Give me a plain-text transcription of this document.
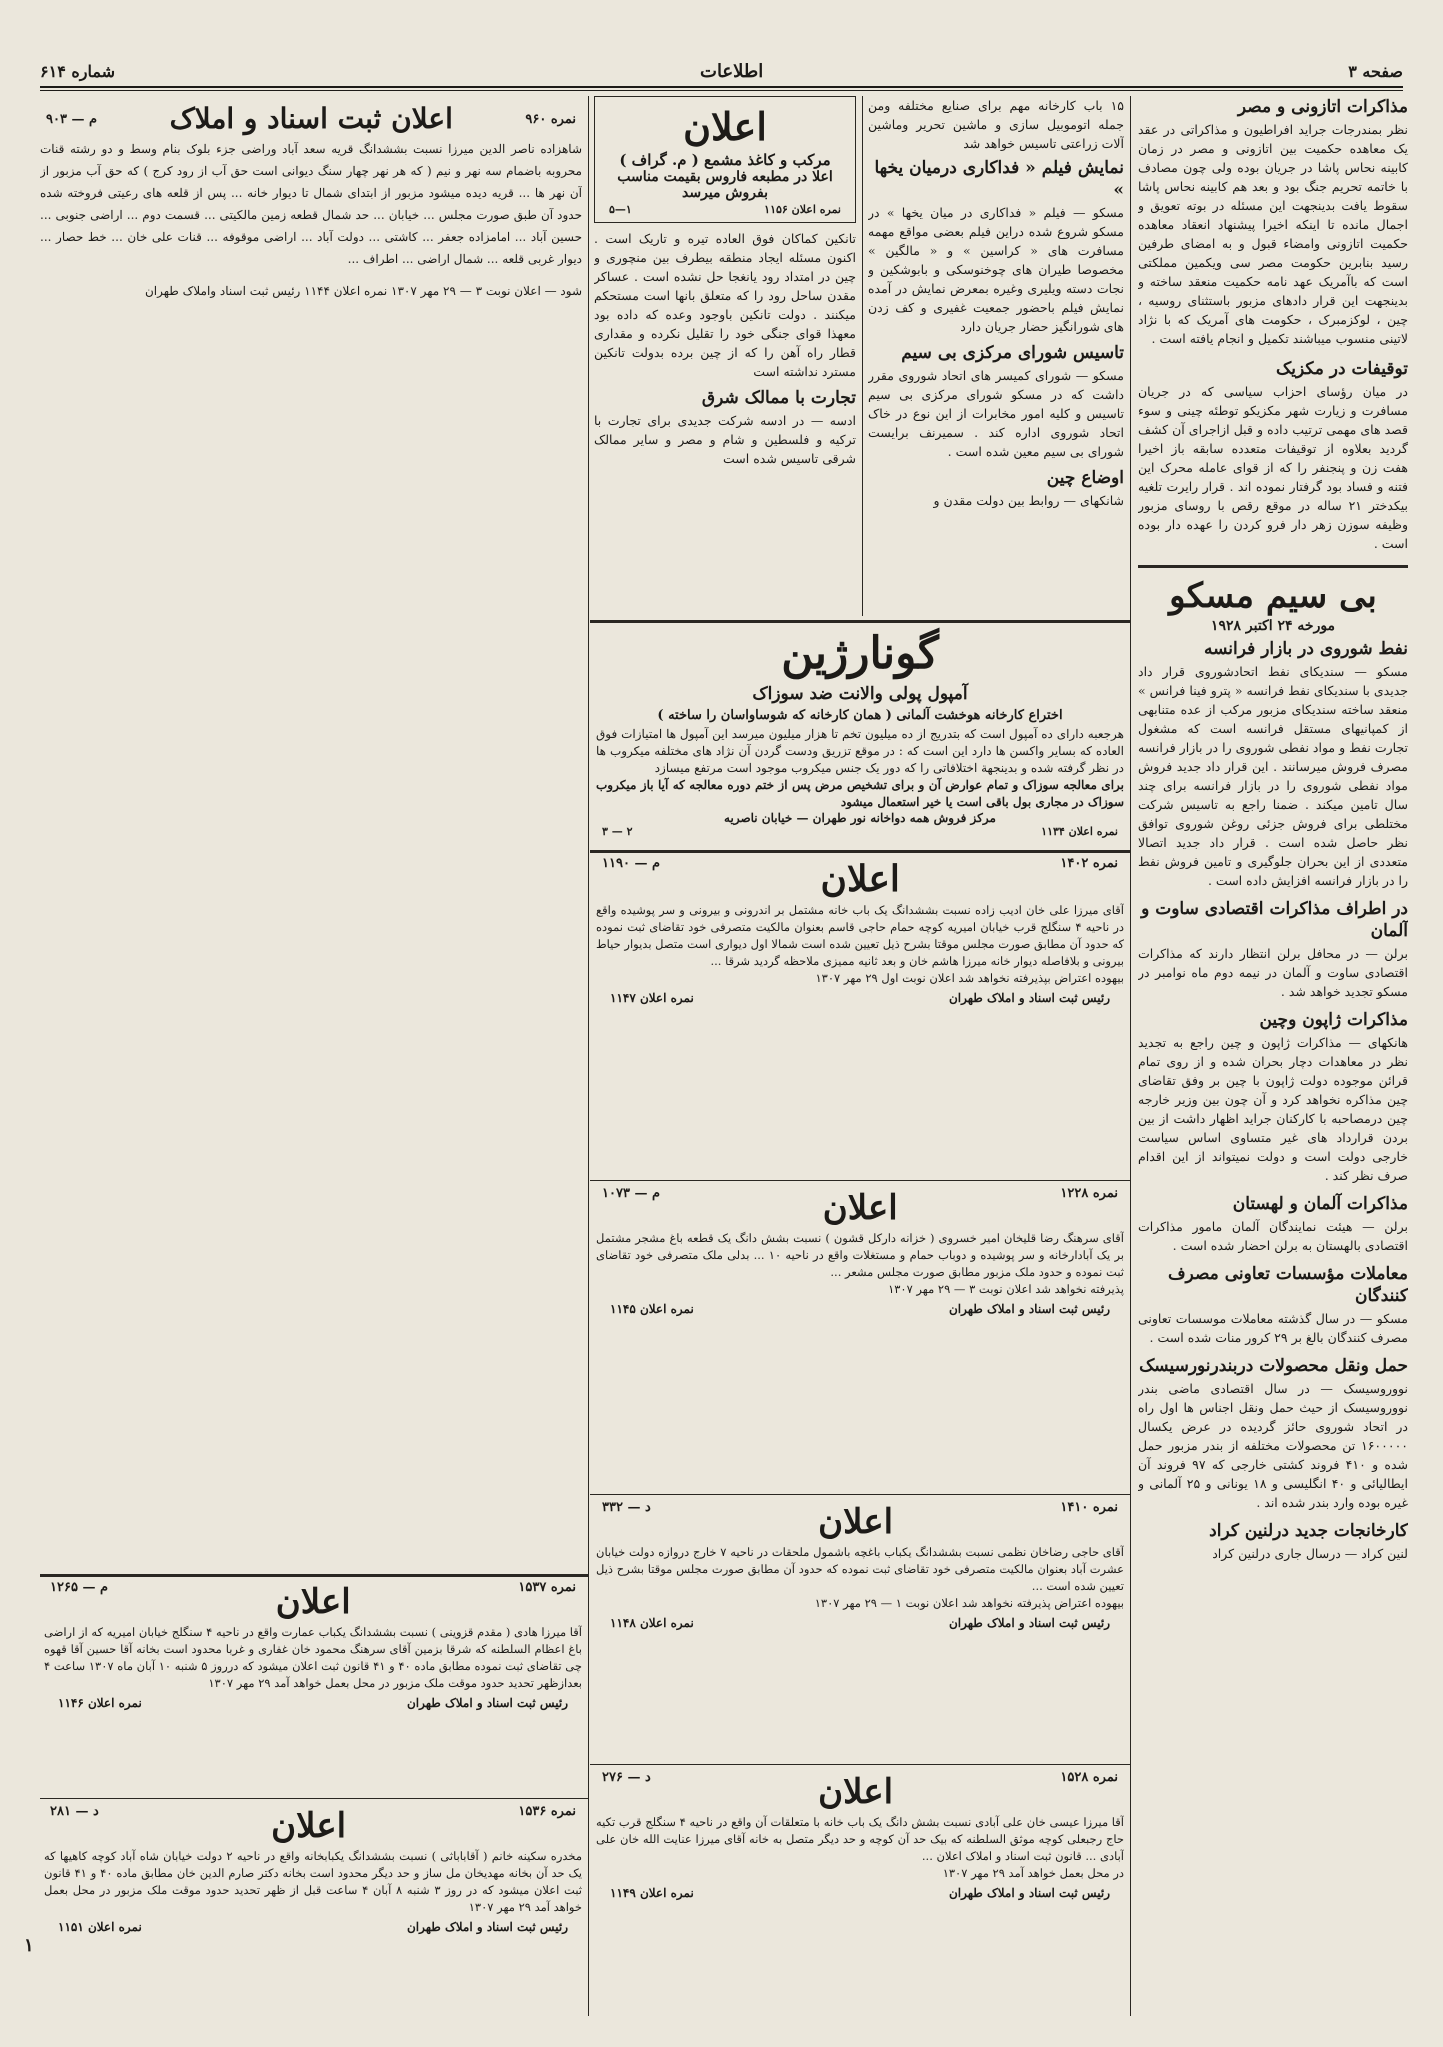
صفحه ۳
اطلاعات
شماره ۶۱۴
مذاکرات اتازونی و مصر

نظر بمندرجات جراید افراطیون و مذاکراتی در عقد یک معاهده حکمیت بین اتازونی و مصر در زمان کابینه نحاس پاشا در جریان بوده ولی چون مصادف با خاتمه تحریم جنگ بود و بعد هم کابینه نحاس پاشا سقوط یافت بدینجهت این مسئله در بوته تعویق و اجمال مانده تا اینکه اخیرا پیشنهاد انعقاد معاهده حکمیت اتازونی وامضاء قبول و به امضای طرفین رسید بنابرین حکومت مصر سی ویکمین مملکتی است که باآمریک عهد نامه حکمیت منعقد ساخته و بدینجهت این قرار دادهای مزبور باستثنای روسیه ، چین ، لوکزمبرک ، حکومت های آمریک که با نژاد لاتینی منسوب میباشند تکمیل و انجام یافته است .

توقیفات در مکزیک

در میان رؤسای احزاب سیاسی که در جریان مسافرت و زیارت شهر مکزیکو توطئه چینی و سوء قصد های مهمی ترتیب داده و قبل ازاجرای آن کشف گردید بعلاوه از توقیفات متعدده سابقه باز اخیرا هفت زن و پنجنفر را که از قوای عامله محرک این فتنه و فساد بود گرفتار نموده اند . قرار رایرت تلغیه بیکدختر ۲۱ ساله در موقع رقص با روسای مزبور وظیفه سوزن زهر دار فرو کردن را عهده دار بوده است .

بی سیم مسکو
مورخه ۲۴ اکتبر ۱۹۲۸
نفط شوروی در بازار فرانسه

مسکو — سندیکای نفط اتحادشوروی قرار داد جدیدی با سندیکای نفط فرانسه « پترو فینا فرانس » منعقد ساخته سندیکای مزبور مرکب از عده متنابهی از کمپانیهای مستقل فرانسه است که مشغول تجارت نفط و مواد نفطی شوروی را در بازار فرانسه مصرف فروش میرسانند . این قرار داد جدید فروش مواد نفطی شوروی را در بازار فرانسه برای چند سال تامین میکند . ضمنا راجع به تاسیس شرکت مختلطی برای فروش جزئی روغن شوروی توافق نظر حاصل شده است . قرار داد جدید اتصالا متعددی از این بحران جلوگیری و تامین فروش نفط را در بازار فرانسه افزایش داده است .

در اطراف مذاکرات اقتصادی ساوت و آلمان

برلن — در محافل برلن انتظار دارند که مذاکرات اقتصادی ساوت و آلمان در نیمه دوم ماه نوامبر در مسکو تجدید خواهد شد .

مذاکرات ژاپون وچین

هانکهای — مذاکرات ژاپون و چین راجع به تجدید نظر در معاهدات دچار بحران شده و از روی تمام قرائن موجوده دولت ژاپون با چین بر وفق تقاضای چین مذاکره نخواهد کرد و آن چون بین وزیر خارجه چین درمصاحبه با کارکنان جراید اظهار داشت از بین بردن قرارداد های غیر متساوی اساس سیاست خارجی دولت است و دولت نمیتواند از این اقدام صرف نظر کند .

مذاکرات آلمان و لهستان

برلن — هیئت نمایندگان آلمان مامور مذاکرات اقتصادی بالهستان به برلن احضار شده است .

معاملات مؤسسات تعاونی مصرف کنندگان

مسکو — در سال گذشته معاملات موسسات تعاونی مصرف کنندگان بالغ بر ۲۹ کرور منات شده است .

حمل ونقل محصولات دربندرنورسیسک

نووروسیسک — در سال اقتصادی ماضی بندر نووروسیسک از حیث حمل ونقل اجناس ها اول راه در اتحاد شوروی حائز گردیده در عرض یکسال ۱۶۰۰۰۰۰ تن محصولات مختلفه از بندر مزبور حمل شده و ۴۱۰ فروند کشتی خارجی که ۹۷ فروند آن ایطالیائی و ۴۰ انگلیسی و ۱۸ یونانی و ۲۵ آلمانی و غیره بوده وارد بندر شده اند .

کارخانجات جدید درلنین کراد

لنین کراد — درسال جاری درلنین کراد

۱۵ باب کارخانه مهم برای صنایع مختلفه ومن جمله اتوموبیل سازی و ماشین تحریر وماشین آلات زراعتی تاسیس خواهد شد

نمایش فیلم « فداکاری درمیان یخها »

مسکو — فیلم « فداکاری در میان یخها » در مسکو شروع شده دراین فیلم بعضی مواقع مهمه مسافرت های « کراسین » و « مالگین » مخصوصا طیران های چوخنوسکی و بابوشکین و نجات دسته ویلیری وغیره بمعرض نمایش در آمده نمایش فیلم باحضور جمعیت غفیری و کف زدن های شورانگیز حضار جریان دارد

تاسیس شورای مرکزی بی سیم

مسکو — شورای کمیسر های اتحاد شوروی مقرر داشت که در مسکو شورای مرکزی بی سیم تاسیس و کلیه امور مخابرات از این نوع در خاک اتحاد شوروی اداره کند . سمیرنف برایست شورای بی سیم معین شده است .

اوضاع چین

شانکهای — روابط بین دولت مقدن و

اعلان
مرکب و کاغذ مشمع ( م. گراف )
اعلا در مطبعه فاروس بقیمت مناسب بفروش میرسد
نمره اعلان ۱۱۵۶
۱—۵

تانکین کماکان فوق العاده تیره و تاریک است . اکنون مسئله ایجاد منطقه بیطرف بین منچوری و چین در امتداد رود یانغجا حل نشده است . عساکر مقدن ساحل رود را که متعلق بانها است مستحکم میکنند . دولت تانکین باوجود وعده که داده بود معهذا قوای جنگی خود را تقلیل نکرده و مقداری قطار راه آهن را که از چین برده بدولت تانکین مسترد نداشته است

تجارت با ممالک شرق

ادسه — در ادسه شرکت جدیدی برای تجارت با ترکیه و فلسطین و شام و مصر و سایر ممالک شرقی تاسیس شده است

گونارژین
آمپول پولی والانت ضد سوزاک
اختراع کارخانه هوخشت آلمانی ( همان کارخانه که شوساواسان را ساخته )

هرجعبه دارای ده آمپول است که بتدریج از ده میلیون تخم تا هزار میلیون میرسد این آمپول ها امتیازات فوق العاده که بسایر واکسن ها دارد این است که : در موقع تزریق ودست گردن آن نژاد های مختلفه میکروب ها در نظر گرفته شده و بدینجهة اختلافاتی را که دور یک جنس میکروب موجود است مرتفع میسازد

برای معالجه سوزاک و تمام عوارض آن و برای تشخیص مرض پس از ختم دوره معالجه که آیا باز میکروب سوزاک در مجاری بول باقی است یا خیر استعمال میشود

مرکز فروش همه دواخانه نور طهران — خیابان ناصریه
نمره اعلان ۱۱۳۴
۲ — ۳
نمره ۱۴۰۲
اعلان
م — ۱۱۹۰

آقای میرزا علی خان ادیب زاده نسبت بششدانگ یک باب خانه مشتمل بر اندرونی و بیرونی و سر پوشیده واقع در ناحیه ۴ سنگلج قرب خیابان امیریه کوچه حمام حاجی قاسم بعنوان مالکیت متصرفی خود تقاضای ثبت نموده که حدود آن مطابق صورت مجلس موقتا بشرح ذیل تعیین شده است شمالا اول دیواری است متصل بدیوار حیاط بیرونی و بلافاصله دیوار خانه میرزا هاشم خان و بعد ثانیه ممیزی ملاحظه گردید شرقا ...

بیهوده اعتراض بپذیرفته نخواهد شد اعلان نوبت اول ۲۹ مهر ۱۳۰۷

رئیس ثبت اسناد و املاک طهران
نمره اعلان ۱۱۴۷
نمره ۱۲۲۸
اعلان
م — ۱۰۷۳

آقای سرهنگ رضا قلیخان امیر خسروی ( خزانه دارکل قشون ) نسبت بشش دانگ یک قطعه باغ مشجر مشتمل بر یک آبادارخانه و سر پوشیده و دوباب حمام و مستغلات واقع در ناحیه ۱۰ ... بدلی ملک متصرفی خود تقاضای ثبت نموده و حدود ملک مزبور مطابق صورت مجلس مشعر ...

پذیرفته نخواهد شد اعلان نوبت ۳ — ۲۹ مهر ۱۳۰۷

رئیس ثبت اسناد و املاک طهران
نمره اعلان ۱۱۴۵
نمره ۱۴۱۰
اعلان
د — ۳۳۲

آقای حاجی رضاخان نظمی نسبت بششدانگ یکباب باغچه باشمول ملحقات در ناحیه ۷ خارج دروازه دولت خیابان عشرت آباد بعنوان مالکیت متصرفی خود تقاضای ثبت نموده که حدود آن مطابق صورت مجلس موقتا بشرح ذیل تعیین شده است ...

بیهوده اعتراض پذیرفته نخواهد شد اعلان نوبت ۱ — ۲۹ مهر ۱۳۰۷

رئیس ثبت اسناد و املاک طهران
نمره اعلان ۱۱۴۸
نمره ۱۵۲۸
اعلان
د — ۲۷۶

آقا میرزا عیسی خان علی آبادی نسبت بشش دانگ یک باب خانه با متعلقات آن واقع در ناحیه ۴ سنگلج قرب تکیه حاج رجبعلی کوچه موثق السلطنه که بیک حد آن کوچه و حد دیگر متصل به خانه آقای میرزا عنایت الله خان علی آبادی ... قانون ثبت اسناد و املاک اعلان ...

در محل بعمل خواهد آمد ۲۹ مهر ۱۳۰۷

رئیس ثبت اسناد و املاک طهران
نمره اعلان ۱۱۴۹
نمره ۹۶۰
اعلان ثبت اسناد و املاک
م — ۹۰۳

شاهزاده ناصر الدین میرزا نسبت بششدانگ قریه سعد آباد وراضی جزء بلوک بنام وسط و دو رشته قنات محروبه باضمام سه نهر و نیم ( که هر نهر چهار سنگ دیوانی است حق آب از رود کرج ) که حق آب مزبور از آن نهر ها ... قریه دیده میشود مزبور از ابتدای شمال تا دیوار خانه ... پس از قلعه های رعیتی فروخته شده حدود آن طبق صورت مجلس ... خیابان ... حد شمال قطعه زمین مالکیتی ... قسمت دوم ... اراضی جنوبی ... حسین آباد ... امامزاده جعفر ... کاشتی ... دولت آباد ... اراضی موقوفه ... قنات علی خان ... خط حصار ... دیوار غربی قلعه ... شمال اراضی ... اطراف ...

شود — اعلان نوبت ۳ — ۲۹ مهر ۱۳۰۷ نمره اعلان ۱۱۴۴ رئیس ثبت اسناد واملاک طهران

نمره ۱۵۳۷
اعلان
م — ۱۲۶۵

آقا میرزا هادی ( مقدم قزوینی ) نسبت بششدانگ یکباب عمارت واقع در ناحیه ۴ سنگلج خیابان امیریه که از اراضی باغ اعظام السلطنه که شرقا بزمین آقای سرهنگ محمود خان غفاری و غربا محدود است بخانه آقا حسین آقا قهوه چی تقاضای ثبت نموده مطابق ماده ۴۰ و ۴۱ قانون ثبت اعلان میشود که درروز ۵ شنبه ۱۰ آبان ماه ۱۳۰۷ ساعت ۴ بعدازظهر تحدید حدود موقت ملک مزبور در محل بعمل خواهد آمد ۲۹ مهر ۱۳۰۷

رئیس ثبت اسناد و املاک طهران
نمره اعلان ۱۱۴۶
نمره ۱۵۳۶
اعلان
د — ۲۸۱

مخدره سکینه خانم ( آقاباباثی ) نسبت بششدانگ یکبابخانه واقع در ناحیه ۲ دولت خیابان شاه آباد کوچه کاهیها که یک حد آن بخانه مهدیخان مل ساز و حد دیگر محدود است بخانه دکتر صارم الدین خان مطابق ماده ۴۰ و ۴۱ قانون ثبت اعلان میشود که در روز ۳ شنبه ۸ آبان ۴ ساعت قبل از ظهر تحدید حدود موقت ملک مزبور در محل بعمل خواهد آمد ۲۹ مهر ۱۳۰۷

رئیس ثبت اسناد و املاک طهران
نمره اعلان ۱۱۵۱
۱
